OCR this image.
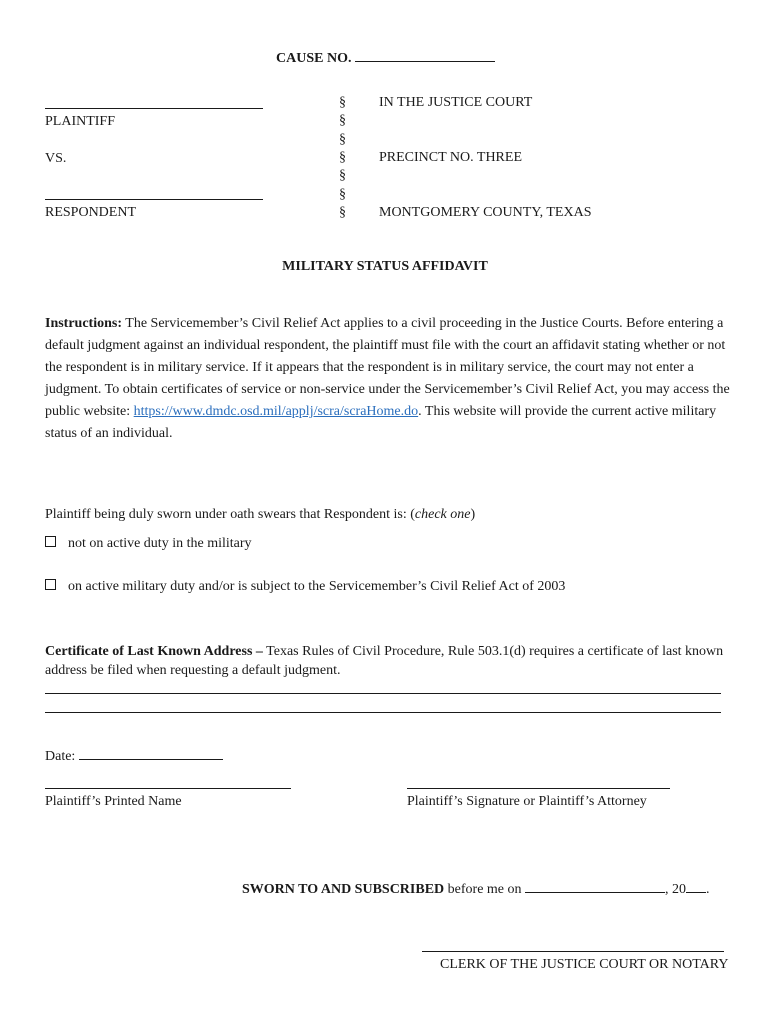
CAUSE NO.
PLAINTIFF
VS.
RESPONDENT
§
§
§
§
§
§
§
IN THE JUSTICE COURT
PRECINCT NO. THREE
MONTGOMERY COUNTY, TEXAS
MILITARY STATUS AFFIDAVIT
Instructions: The Servicemember’s Civil Relief Act applies to a civil proceeding in the Justice Courts. Before entering a default judgment against an individual respondent, the plaintiff must file with the court an affidavit stating whether or not the respondent is in military service. If it appears that the respondent is in military service, the court may not enter a judgment. To obtain certificates of service or non-service under the Servicemember’s Civil Relief Act, you may access the public website: https://www.dmdc.osd.mil/applj/scra/scraHome.do. This website will provide the current active military status of an individual.
Plaintiff being duly sworn under oath swears that Respondent is: (check one)
not on active duty in the military
on active military duty and/or is subject to the Servicemember’s Civil Relief Act of 2003
Certificate of Last Known Address – Texas Rules of Civil Procedure, Rule 503.1(d) requires a certificate of last known address be filed when requesting a default judgment.
Date:
Plaintiff’s Printed Name	Plaintiff’s Signature or Plaintiff’s Attorney
SWORN TO AND SUBSCRIBED before me on	, 20 .
CLERK OF THE JUSTICE COURT OR NOTARY
